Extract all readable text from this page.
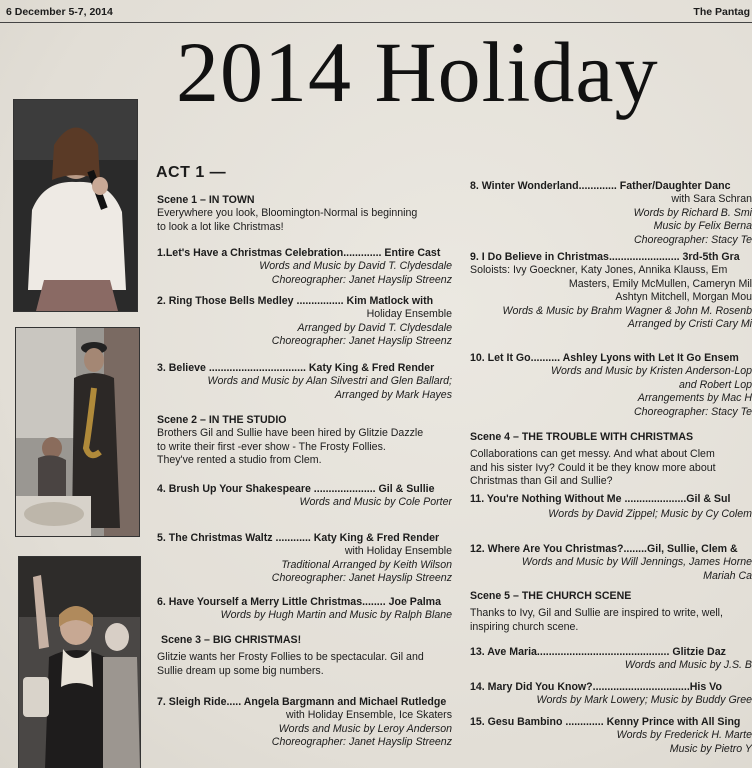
6 December 5-7, 2014	The Pantag
2014 Holiday
ACT 1 —
Scene 1 – IN TOWN
Everywhere you look, Bloomington-Normal is beginning
to look a lot like Christmas!
1.Let's Have a Christmas Celebration............. Entire Cast
Words and Music by David T. Clydesdale
Choreographer: Janet Hayslip Streenz
2. Ring Those Bells Medley ................ Kim Matlock with
Holiday Ensemble
Arranged by David T. Clydesdale
Choreographer: Janet Hayslip Streenz
3. Believe ................................. Katy King & Fred Render
Words and Music by Alan Silvestri and Glen Ballard;
Arranged by Mark Hayes
Scene 2 – IN THE STUDIO
Brothers Gil and Sullie have been hired by Glitzie Dazzle
to write their first -ever show - The Frosty Follies.
They've rented a studio from Clem.
4. Brush Up Your Shakespeare ..................... Gil & Sullie
Words and Music by Cole Porter
5. The Christmas Waltz ............ Katy King & Fred Render
with Holiday Ensemble
Traditional Arranged by Keith Wilson
Choreographer: Janet Hayslip Streenz
6. Have Yourself a Merry Little Christmas........ Joe Palma
Words by Hugh Martin and Music by Ralph Blane
Scene 3 – BIG CHRISTMAS!
Glitzie wants her Frosty Follies to be spectacular. Gil and
Sullie dream up some big numbers.
7. Sleigh Ride..... Angela Bargmann and Michael Rutledge
with Holiday Ensemble, Ice Skaters
Words and Music by Leroy Anderson
Choreographer: Janet Hayslip Streenz
8. Winter Wonderland............. Father/Daughter Danc
with Sara Schran
Words by Richard B. Smi
Music by Felix Berna
Choreographer: Stacy Te
9. I Do Believe in Christmas........................ 3rd-5th Gra
Soloists: Ivy Goeckner, Katy Jones, Annika Klauss, Em
Masters, Emily McMullen, Cameryn Mil
Ashtyn Mitchell, Morgan Mou
Words & Music by Brahm Wagner & John M. Rosenb
Arranged by Cristi Cary Mi
10. Let It Go.......... Ashley Lyons with Let It Go Ensem
Words and Music by Kristen Anderson-Lop
and Robert Lop
Arrangements by Mac H
Choreographer: Stacy Te
Scene 4 – THE TROUBLE WITH CHRISTMAS
Collaborations can get messy. And what about Clem
and his sister Ivy? Could it be they know more about
Christmas than Gil and Sullie?
11. You're Nothing Without Me .....................Gil & Sul
Words by David Zippel; Music by Cy Colem
12. Where Are You Christmas?........Gil, Sullie, Clem &
Words and Music by Will Jennings, James Horne
Mariah Ca
Scene 5 – THE CHURCH SCENE
Thanks to Ivy, Gil and Sullie are inspired to write, well,
inspiring church scene.
13. Ave Maria............................................. Glitzie Daz
Words and Music by J.S. B
14. Mary Did You Know?.................................His Vo
Words by Mark Lowery; Music by Buddy Gree
15. Gesu Bambino ............. Kenny Prince with All Sing
Words by Frederick H. Marte
Music by Pietro Y
